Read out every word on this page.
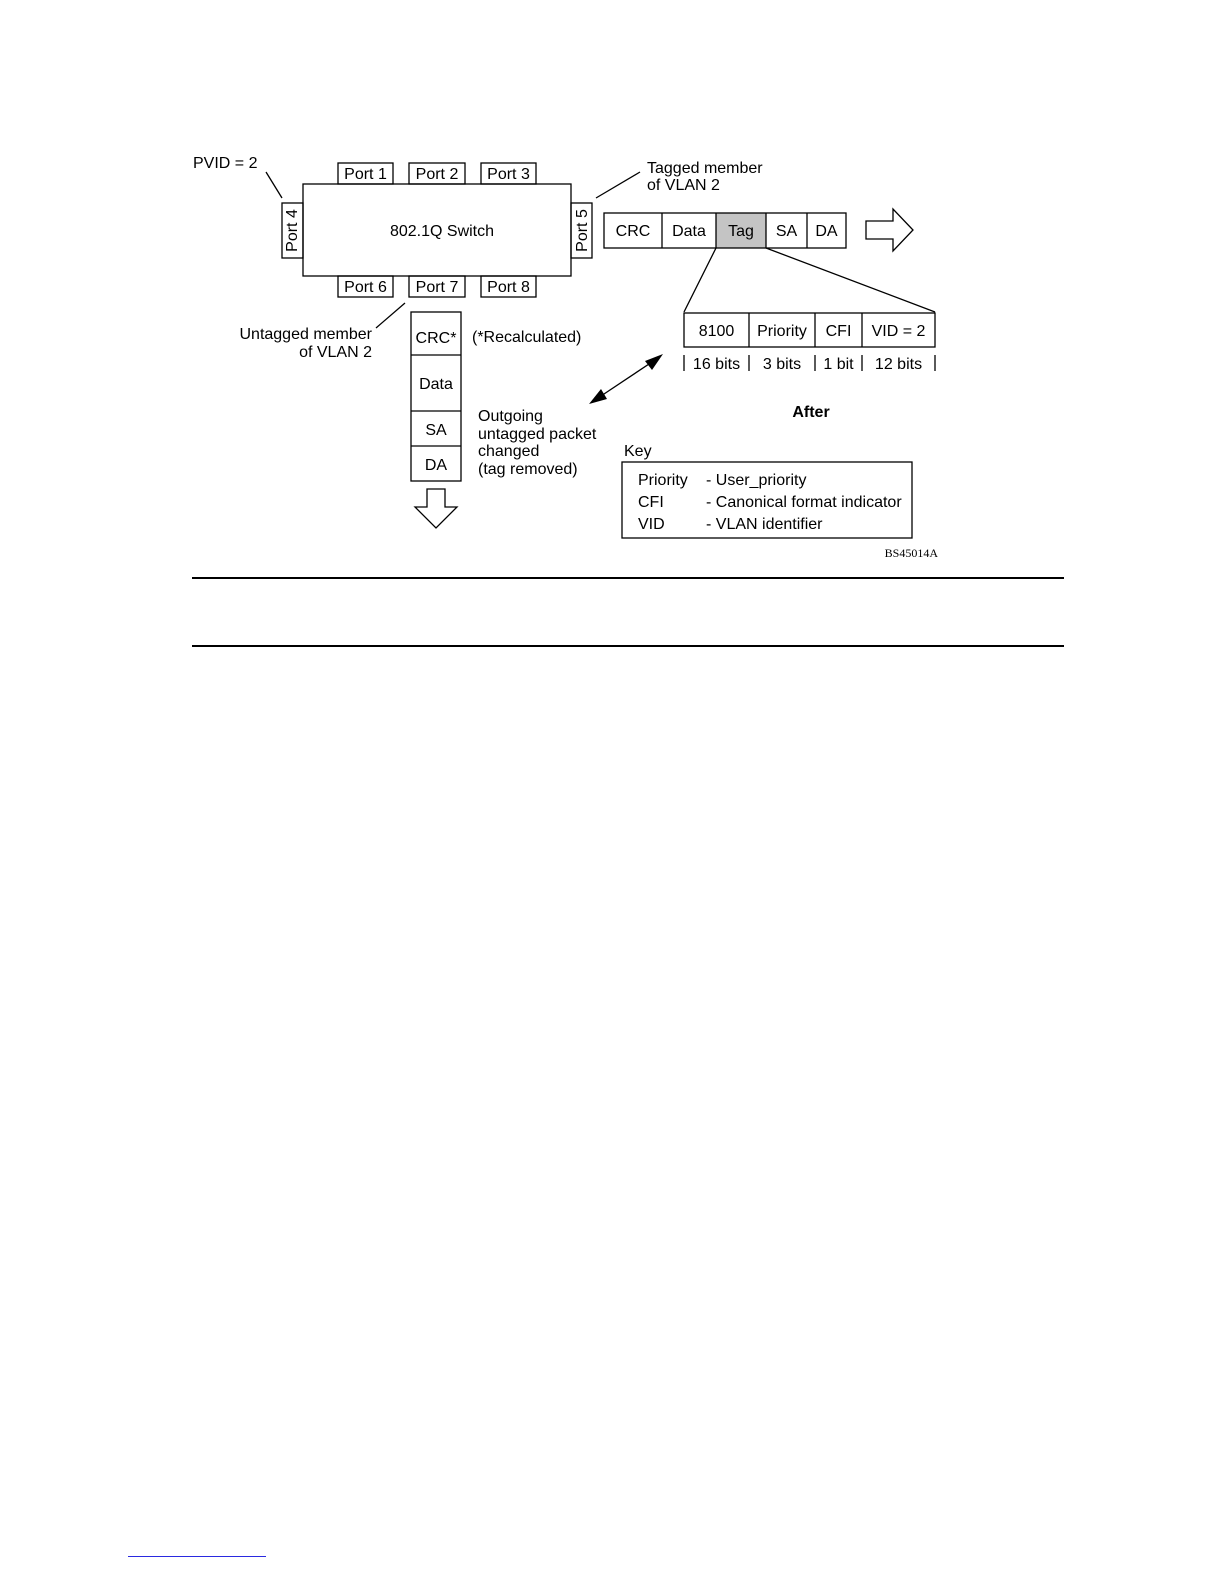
PVID = 2
802.1Q Switch
Port 1 Port 2 Port 3
Port 6 Port 7 Port 8
Port 4	Port 5
Tagged member
of VLAN 2
Untagged member
of VLAN 2
CRC Data Tag SA DA
8100 Priority CFI VID = 2
16 bits 3 bits 1 bit 12 bits
After
CRC*
Data
SA
DA
(*Recalculated)
Outgoing
untagged packet
changed
(tag removed)
Key
Priority - User_priority
CFI	- Canonical format indicator
VID	- VLAN identifier
BS45014A
